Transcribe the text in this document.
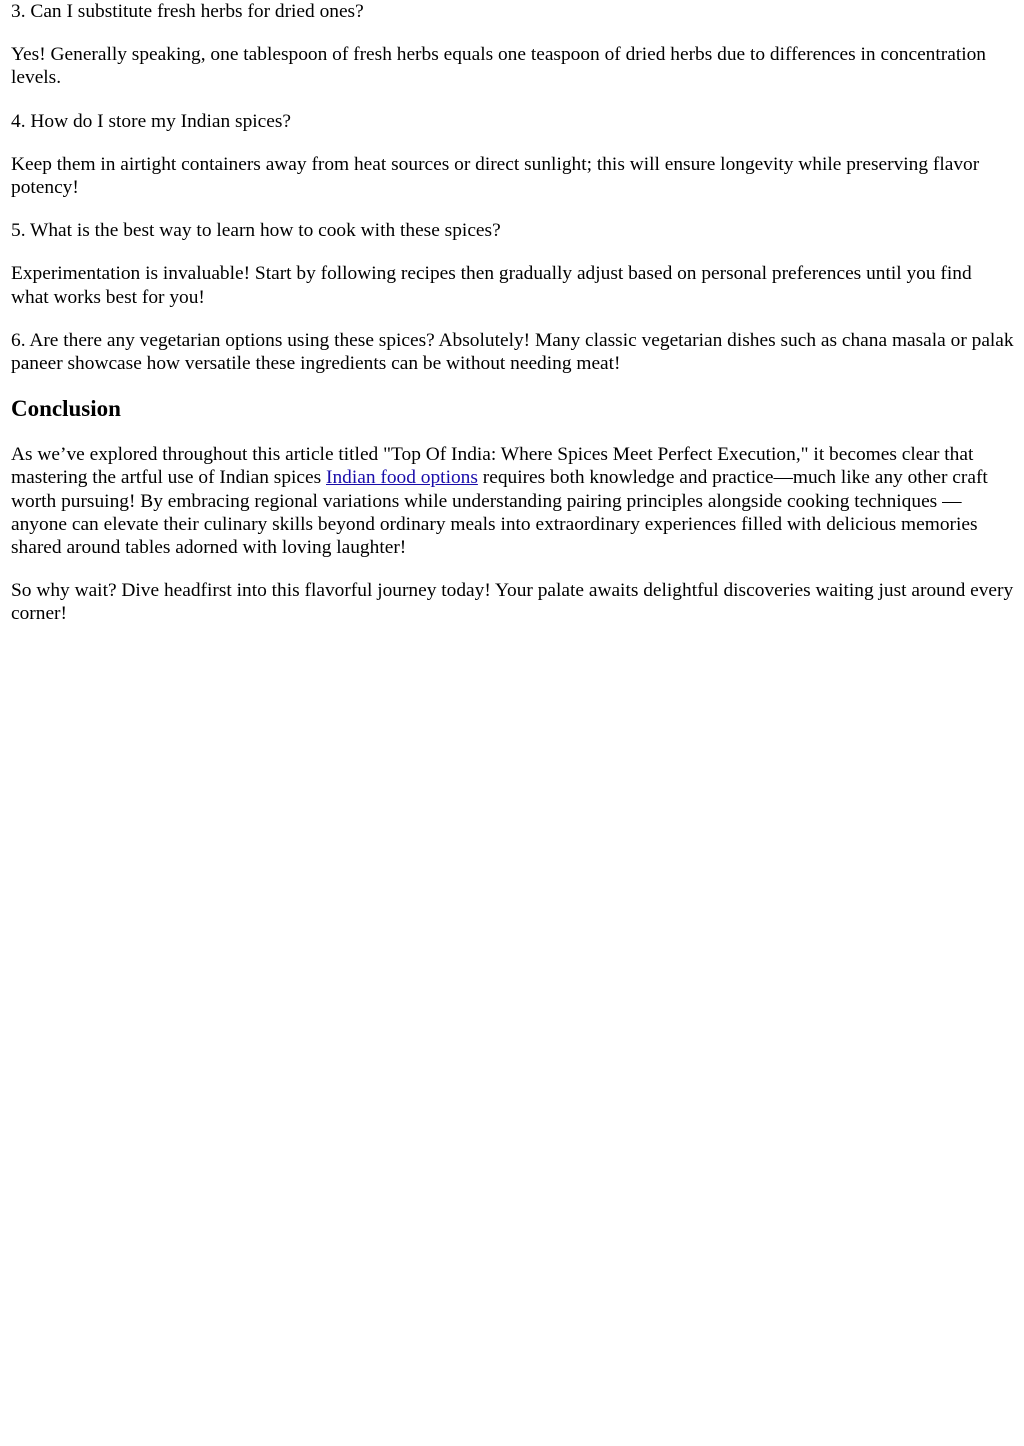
3. Can I substitute fresh herbs for dried ones?

Yes! Generally speaking, one tablespoon of fresh herbs equals one teaspoon of dried herbs due to differences in concentration levels.

4. How do I store my Indian spices?

Keep them in airtight containers away from heat sources or direct sunlight; this will ensure longevity while preserving flavor potency!

5. What is the best way to learn how to cook with these spices?

Experimentation is invaluable! Start by following recipes then gradually adjust based on personal preferences until you find what works best for you!

6. Are there any vegetarian options using these spices? Absolutely! Many classic vegetarian dishes such as chana masala or palak paneer showcase how versatile these ingredients can be without needing meat!

Conclusion

As we’ve explored throughout this article titled "Top Of India: Where Spices Meet Perfect Execution," it becomes clear that mastering the artful use of Indian spices Indian food options requires both knowledge and practice—much like any other craft worth pursuing! By embracing regional variations while understanding pairing principles alongside cooking techniques — anyone can elevate their culinary skills beyond ordinary meals into extraordinary experiences filled with delicious memories shared around tables adorned with loving laughter!

So why wait? Dive headfirst into this flavorful journey today! Your palate awaits delightful discoveries waiting just around every corner!
